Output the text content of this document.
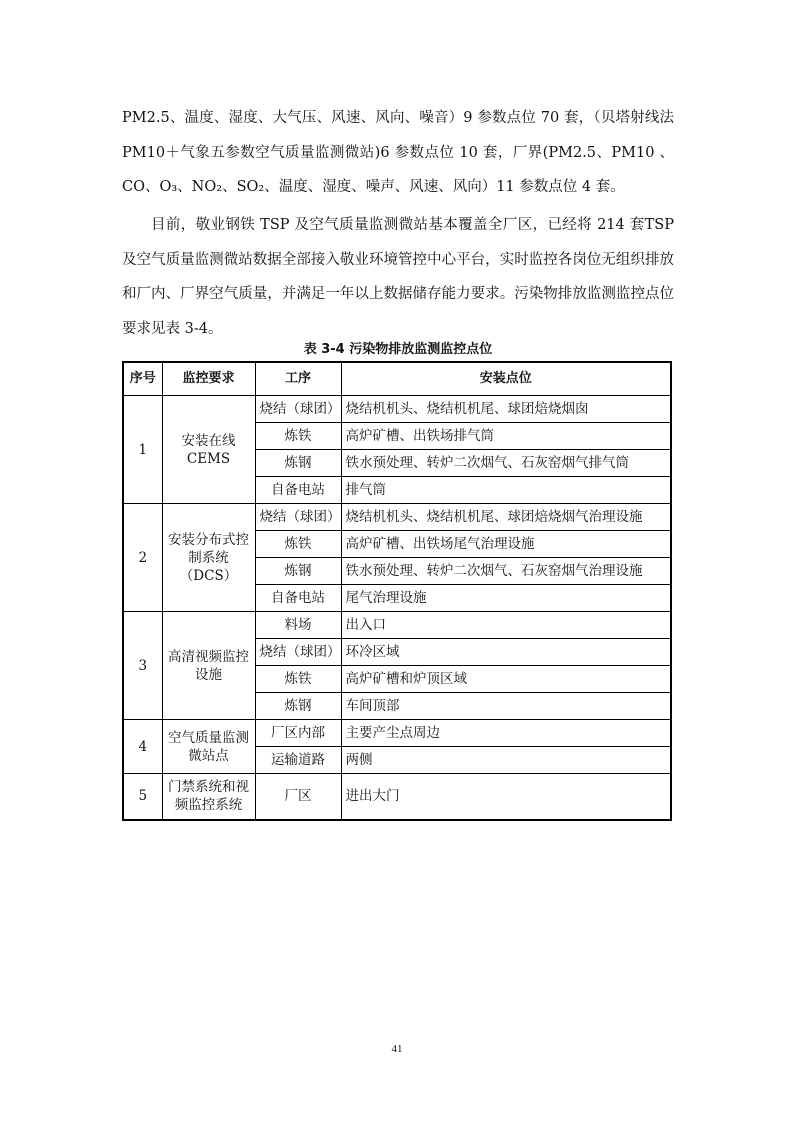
PM2.5、温度、湿度、大气压、风速、风向、噪音）9 参数点位 70 套，（贝塔射线法PM10＋气象五参数空气质量监测微站)6 参数点位 10 套，厂界(PM2.5、PM10 、CO、O₃、NO₂、SO₂、温度、湿度、噪声、风速、风向）11 参数点位 4 套。
目前，敬业钢铁 TSP 及空气质量监测微站基本覆盖全厂区，已经将 214 套TSP 及空气质量监测微站数据全部接入敬业环境管控中心平台，实时监控各岗位无组织排放和厂内、厂界空气质量，并满足一年以上数据储存能力要求。污染物排放监测监控点位要求见表 3-4。
表 3-4 污染物排放监测监控点位
序号	监控要求	工序	安装点位
1	安装在线CEMS	烧结（球团）	烧结机机头、烧结机机尾、球团焙烧烟囱
		炼铁	高炉矿槽、出铁场排气筒
		炼钢	铁水预处理、转炉二次烟气、石灰窑烟气排气筒
		自备电站	排气筒
2	安装分布式控制系统（DCS）	烧结（球团）	烧结机机头、烧结机机尾、球团焙烧烟气治理设施
		炼铁	高炉矿槽、出铁场尾气治理设施
		炼钢	铁水预处理、转炉二次烟气、石灰窑烟气治理设施
		自备电站	尾气治理设施
3	高清视频监控设施	料场	出入口
		烧结（球团）	环冷区域
		炼铁	高炉矿槽和炉顶区域
		炼钢	车间顶部
4	空气质量监测微站点	厂区内部	主要产尘点周边
		运输道路	两侧
5	门禁系统和视频监控系统	厂区	进出大门
41
